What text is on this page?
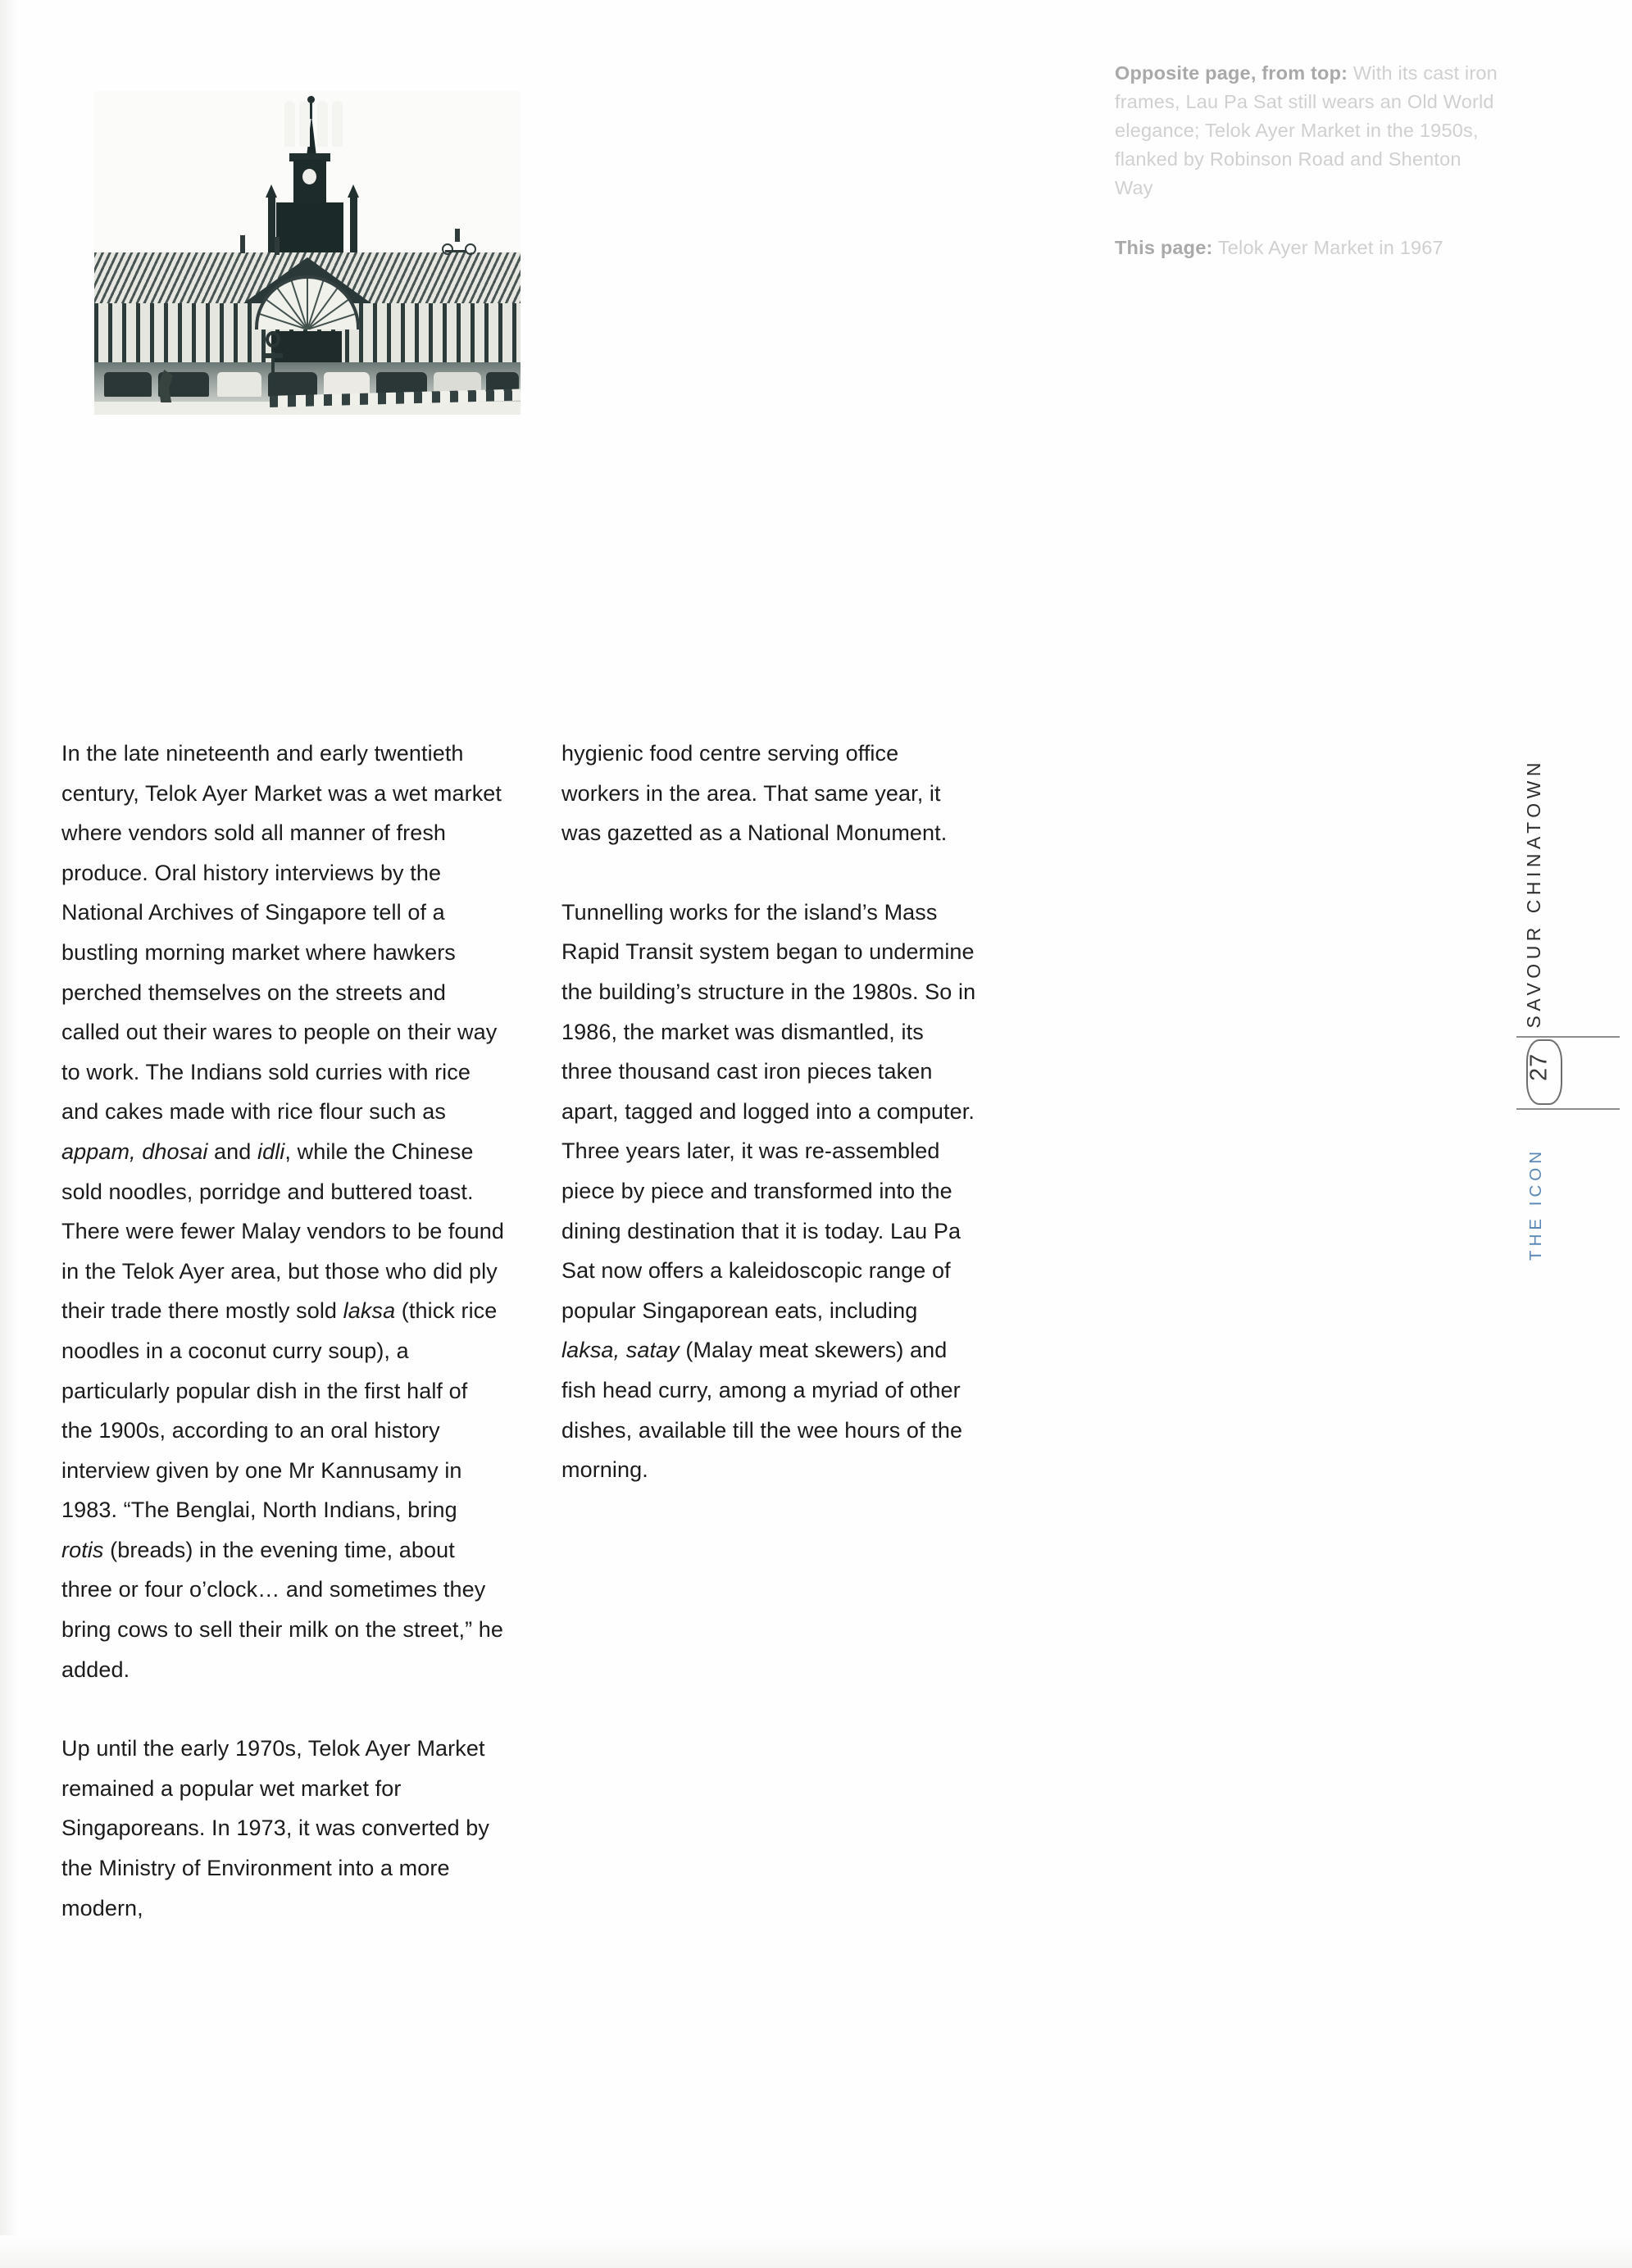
Opposite page, from top: With its cast iron frames, Lau Pa Sat still wears an Old World elegance; Telok Ayer Market in the 1950s, flanked by Robinson Road and Shenton Way
This page: Telok Ayer Market in 1967

In the late nineteenth and early twentieth century, Telok Ayer Market was a wet market where vendors sold all manner of fresh produce. Oral history interviews by the National Archives of Singapore tell of a bustling morning market where hawkers perched themselves on the streets and called out their wares to people on their way to work. The Indians sold curries with rice and cakes made with rice flour such as appam, dhosai and idli, while the Chinese sold noodles, porridge and buttered toast. There were fewer Malay vendors to be found in the Telok Ayer area, but those who did ply their trade there mostly sold laksa (thick rice noodles in a coconut curry soup), a particularly popular dish in the first half of the 1900s, according to an oral history interview given by one Mr Kannusamy in 1983. “The Benglai, North Indians, bring rotis (breads) in the evening time, about three or four o’clock… and sometimes they bring cows to sell their milk on the street,” he added.

Up until the early 1970s, Telok Ayer Market remained a popular wet market for Singaporeans. In 1973, it was converted by the Ministry of Environment into a more modern,

hygienic food centre serving office workers in the area. That same year, it was gazetted as a National Monument.

Tunnelling works for the island’s Mass Rapid Transit system began to undermine the building’s structure in the 1980s. So in 1986, the market was dismantled, its three thousand cast iron pieces taken apart, tagged and logged into a computer. Three years later, it was re-assembled piece by piece and transformed into the dining destination that it is today. Lau Pa Sat now offers a kaleidoscopic range of popular Singaporean eats, including laksa, satay (Malay meat skewers) and fish head curry, among a myriad of other dishes, available till the wee hours of the morning.

SAVOUR CHINATOWN
27
THE ICON
